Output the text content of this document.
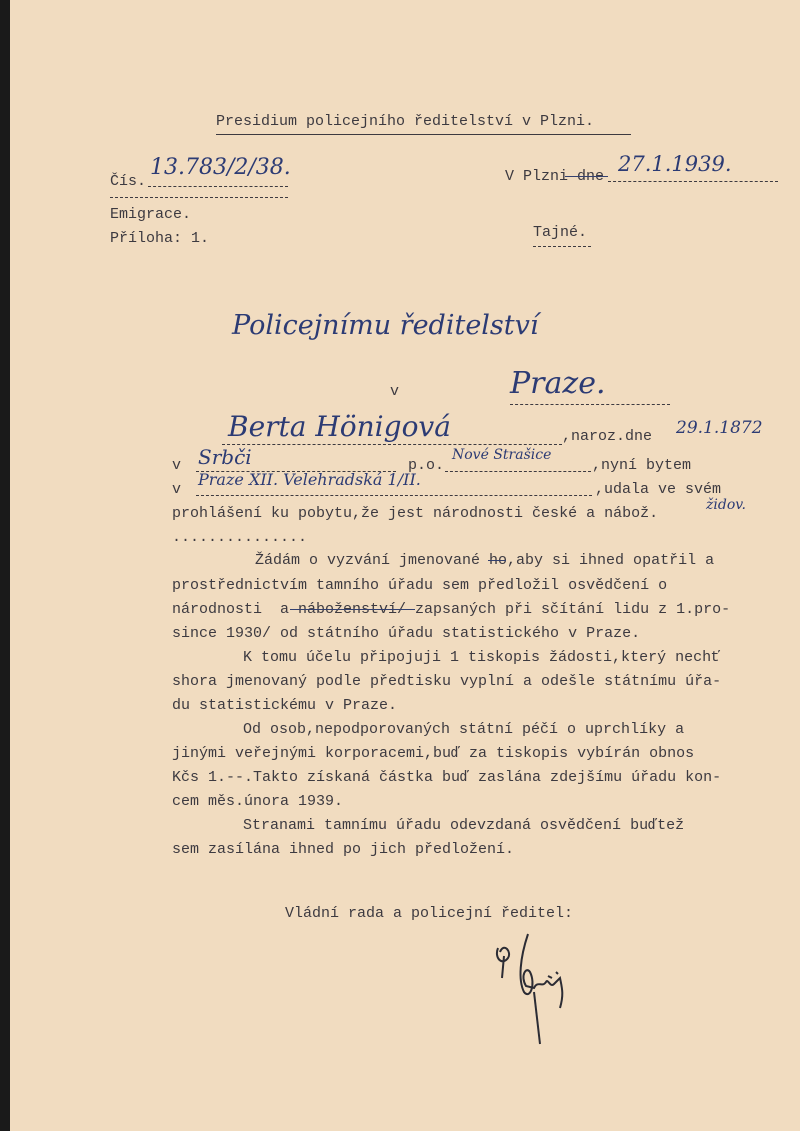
Presidium policejního ředitelství v Plzni.
Čís.
13.783/2/38.	V Plzni dne
27.1.1939.
Emigrace.
Příloha: 1.	Tajné.
Policejnímu ředitelství
v	Praze.
Berta Hönigová	,naroz.dne 29.1.1872
v Srbči	p.o.
Nové Strašice
,nyní bytem
v
Praze XII. Velehradská 1/II.
,udala ve svém
prohlášení ku pobytu,že jest národnosti české a nábož.	židov.
...............
Žádám o vyzvání jmenované ho,aby si ihned opatřil a
prostřednictvím tamního úřadu sem předložil osvědčení o
národnosti  a náboženství/ zapsaných při sčítání lidu z 1.pro-
since 1930/ od státního úřadu statistického v Praze.
K tomu účelu připojuji 1 tiskopis žádosti,který nechť
shora jmenovaný podle předtisku vyplní a odešle státnímu úřa-
du statistickému v Praze.
Od osob,nepodporovaných státní péčí o uprchlíky a
jinými veřejnými korporacemi,buď za tiskopis vybírán obnos
Kčs 1.--.Takto získaná částka buď zaslána zdejšímu úřadu kon-
cem měs.února 1939.
Stranami tamnímu úřadu odevzdaná osvědčení buďtež
sem zasílána ihned po jich předložení.
Vládní rada a policejní ředitel:
